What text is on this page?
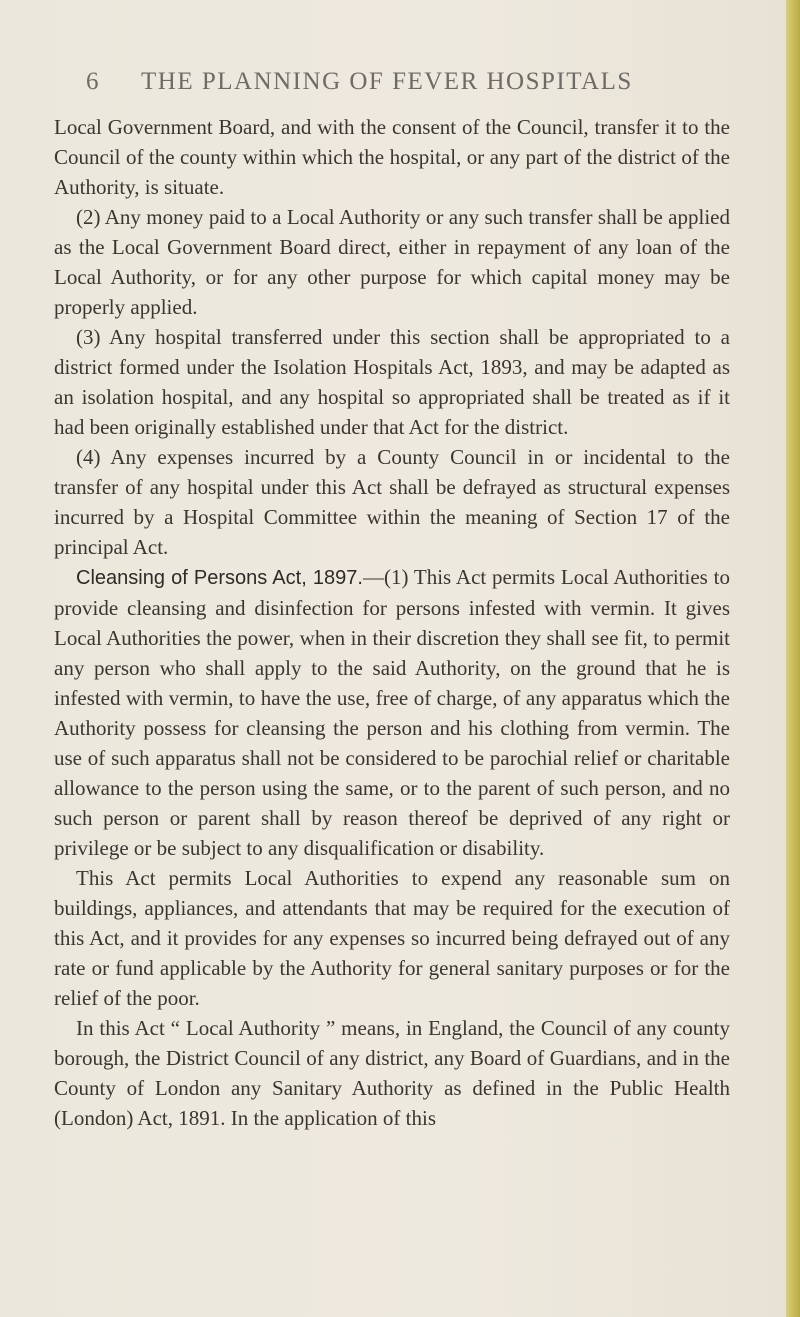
6 THE PLANNING OF FEVER HOSPITALS

Local Government Board, and with the consent of the Council, transfer it to the Council of the county within which the hospital, or any part of the district of the Authority, is situate.

(2) Any money paid to a Local Authority or any such transfer shall be applied as the Local Government Board direct, either in repayment of any loan of the Local Authority, or for any other purpose for which capital money may be properly applied.

(3) Any hospital transferred under this section shall be appropriated to a district formed under the Isolation Hospitals Act, 1893, and may be adapted as an isolation hospital, and any hospital so appropriated shall be treated as if it had been originally established under that Act for the district.

(4) Any expenses incurred by a County Council in or incidental to the transfer of any hospital under this Act shall be defrayed as structural expenses incurred by a Hospital Committee within the meaning of Section 17 of the principal Act.

Cleansing of Persons Act, 1897.—(1) This Act permits Local Authorities to provide cleansing and disinfection for persons infested with vermin. It gives Local Authorities the power, when in their discretion they shall see fit, to permit any person who shall apply to the said Authority, on the ground that he is infested with vermin, to have the use, free of charge, of any apparatus which the Authority possess for cleansing the person and his clothing from vermin. The use of such apparatus shall not be considered to be parochial relief or charitable allowance to the person using the same, or to the parent of such person, and no such person or parent shall by reason thereof be deprived of any right or privilege or be subject to any disqualification or disability.

This Act permits Local Authorities to expend any reasonable sum on buildings, appliances, and attendants that may be required for the execution of this Act, and it provides for any expenses so incurred being defrayed out of any rate or fund applicable by the Authority for general sanitary purposes or for the relief of the poor.

In this Act “ Local Authority ” means, in England, the Council of any county borough, the District Council of any district, any Board of Guardians, and in the County of London any Sanitary Authority as defined in the Public Health (London) Act, 1891. In the application of this
